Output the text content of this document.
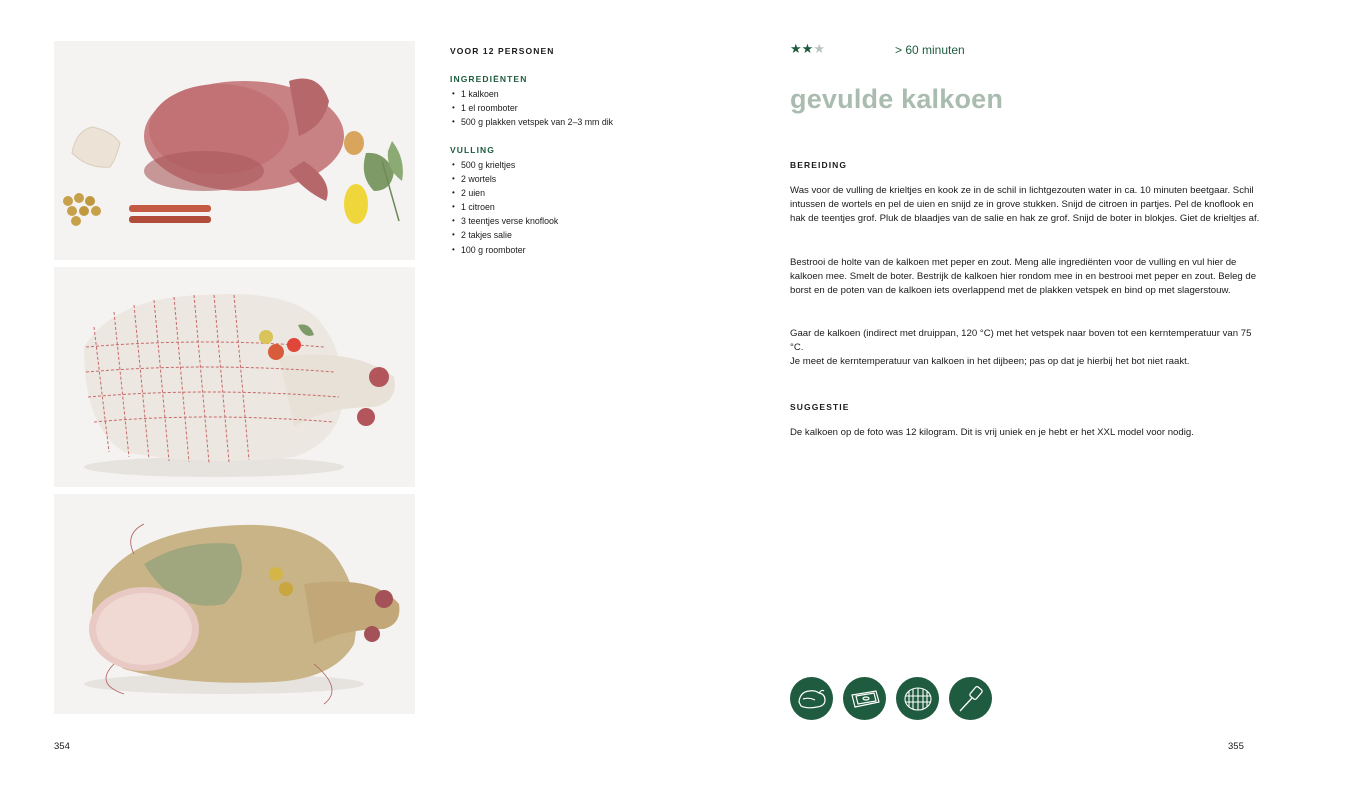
VOOR 12 PERSONEN
INGREDIËNTEN
• 1 kalkoen
• 1 el roomboter
• 500 g plakken vetspek van 2–3 mm dik
VULLING
• 500 g krieltjes
• 2 wortels
• 2 uien
• 1 citroen
• 3 teentjes verse knoflook
• 2 takjes salie
• 100 g roomboter
354
★★★	> 60 minuten
gevulde kalkoen
BEREIDING

Was voor de vulling de krieltjes en kook ze in de schil in lichtgezouten water in ca. 10 minuten beetgaar. Schil intussen de wortels en pel de uien en snijd ze in grove stukken. Snijd de citroen in partjes. Pel de knoflook en hak de teentjes grof. Pluk de blaadjes van de salie en hak ze grof. Snijd de boter in blokjes. Giet de krieltjes af.

Bestrooi de holte van de kalkoen met peper en zout. Meng alle ingrediënten voor de vulling en vul hier de kalkoen mee. Smelt de boter. Bestrijk de kalkoen hier rondom mee in en bestrooi met peper en zout. Beleg de borst en de poten van de kalkoen iets overlappend met de plakken vetspek en bind op met slagerstouw.

Gaar de kalkoen (indirect met druippan, 120 °C) met het vetspek naar boven tot een kerntemperatuur van 75 °C.
Je meet de kerntemperatuur van kalkoen in het dijbeen; pas op dat je hierbij het bot niet raakt.

SUGGESTIE

De kalkoen op de foto was 12 kilogram. Dit is vrij uniek en je hebt er het XXL model voor nodig.

355
